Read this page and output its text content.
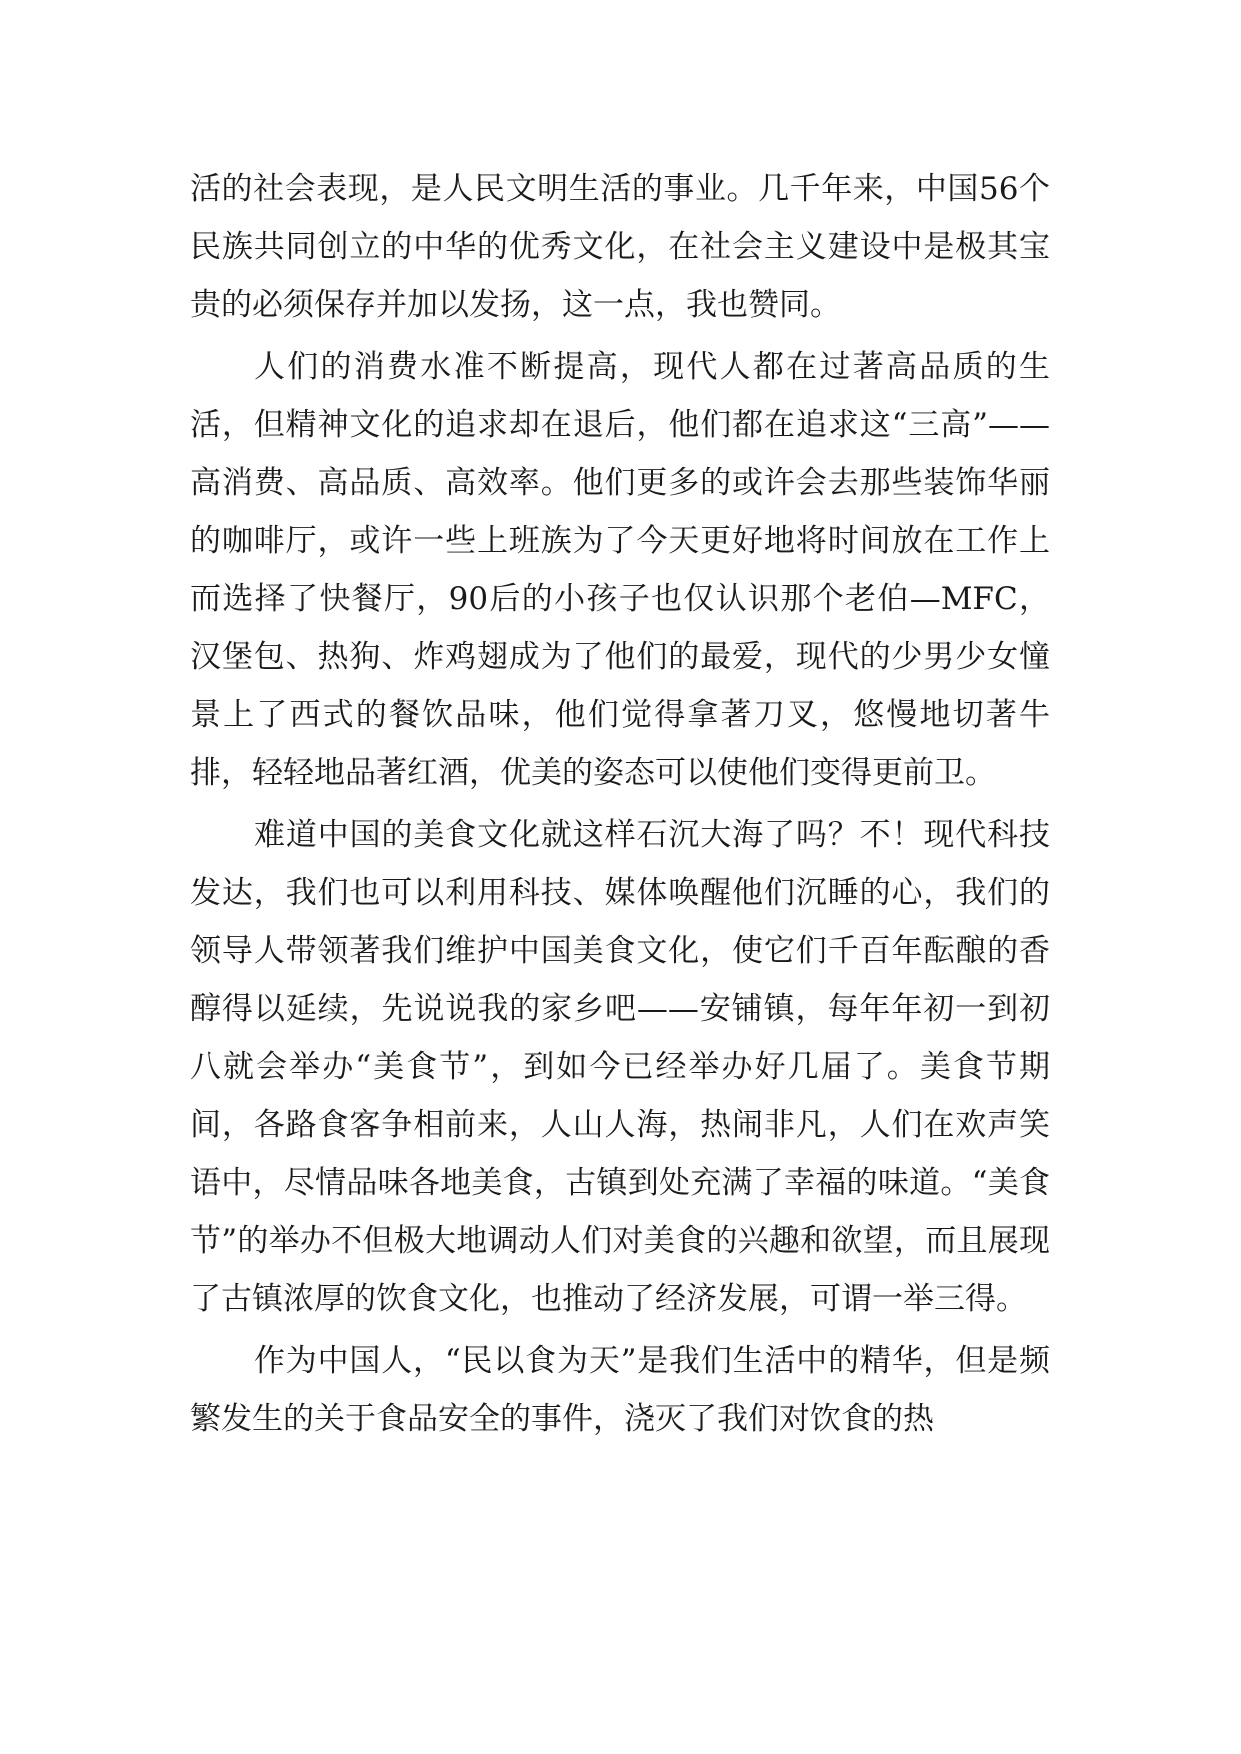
活的社会表现，是人民文明生活的事业。几千年来，中国56个民族共同创立的中华的优秀文化，在社会主义建设中是极其宝贵的必须保存并加以发扬，这一点，我也赞同。

人们的消费水准不断提高，现代人都在过著高品质的生活，但精神文化的追求却在退后，他们都在追求这“三高”——高消费、高品质、高效率。他们更多的或许会去那些装饰华丽的咖啡厅，或许一些上班族为了今天更好地将时间放在工作上而选择了快餐厅，90后的小孩子也仅认识那个老伯—MFC，汉堡包、热狗、炸鸡翅成为了他们的最爱，现代的少男少女憧景上了西式的餐饮品味，他们觉得拿著刀叉，悠慢地切著牛排，轻轻地品著红酒，优美的姿态可以使他们变得更前卫。

难道中国的美食文化就这样石沉大海了吗？不！现代科技发达，我们也可以利用科技、媒体唤醒他们沉睡的心，我们的领导人带领著我们维护中国美食文化，使它们千百年酝酿的香醇得以延续，先说说我的家乡吧——安铺镇，每年年初一到初八就会举办“美食节”，到如今已经举办好几届了。美食节期间，各路食客争相前来，人山人海，热闹非凡，人们在欢声笑语中，尽情品味各地美食，古镇到处充满了幸福的味道。“美食节”的举办不但极大地调动人们对美食的兴趣和欲望，而且展现了古镇浓厚的饮食文化，也推动了经济发展，可谓一举三得。

作为中国人，“民以食为天”是我们生活中的精华，但是频繁发生的关于食品安全的事件，浇灭了我们对饮食的热
